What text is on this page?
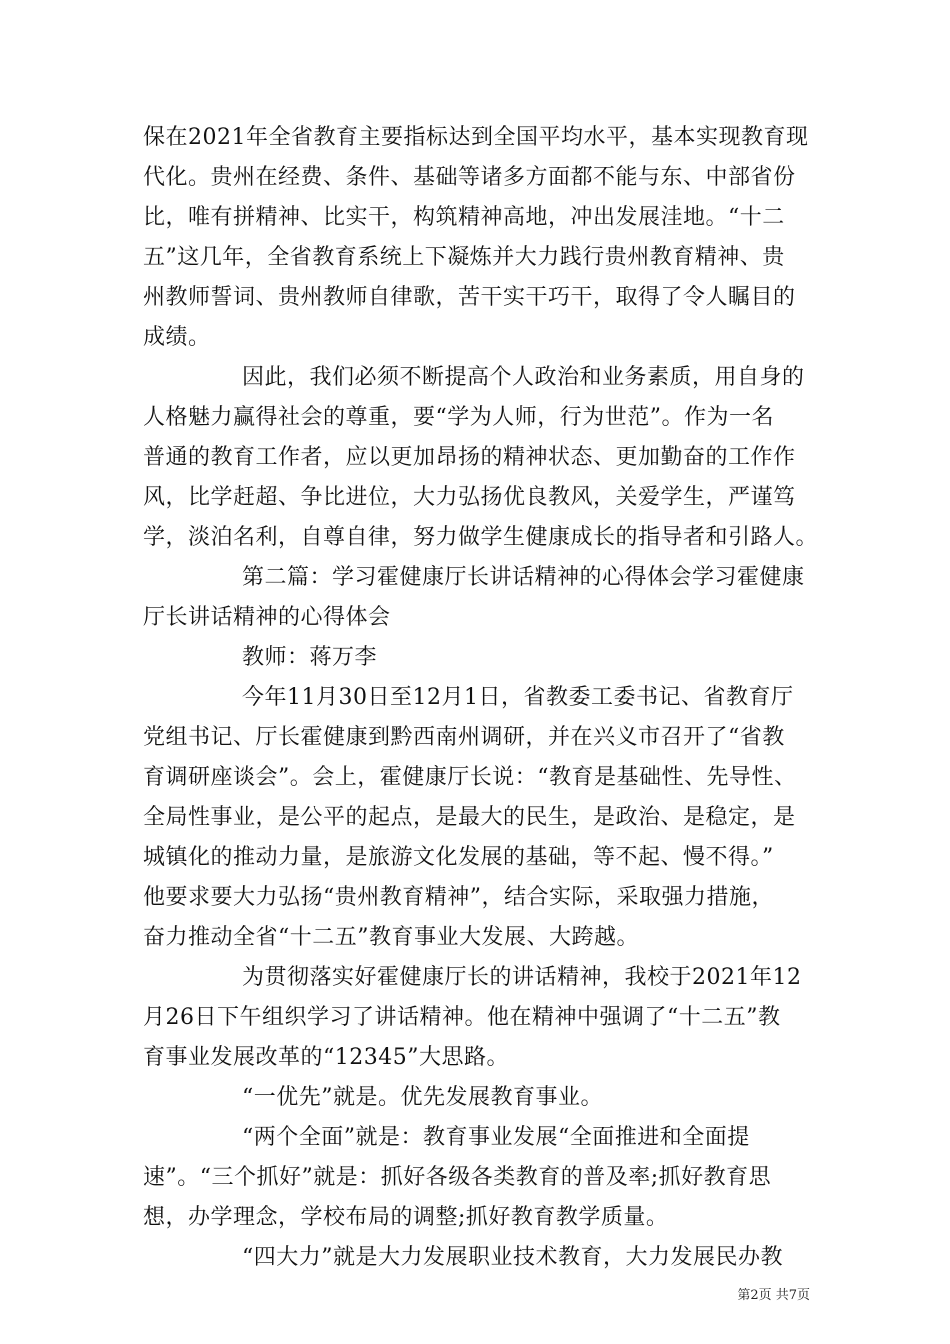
保在2021年全省教育主要指标达到全国平均水平，基本实现教育现
代化。贵州在经费、条件、基础等诸多方面都不能与东、中部省份
比，唯有拼精神、比实干，构筑精神高地，冲出发展洼地。“十二
五”这几年，全省教育系统上下凝炼并大力践行贵州教育精神、贵
州教师誓词、贵州教师自律歌，苦干实干巧干，取得了令人瞩目的
成绩。
因此，我们必须不断提高个人政治和业务素质，用自身的
人格魅力赢得社会的尊重，要“学为人师，行为世范”。作为一名
普通的教育工作者，应以更加昂扬的精神状态、更加勤奋的工作作
风，比学赶超、争比进位，大力弘扬优良教风，关爱学生，严谨笃
学，淡泊名利，自尊自律，努力做学生健康成长的指导者和引路人。
第二篇：学习霍健康厅长讲话精神的心得体会学习霍健康
厅长讲话精神的心得体会
教师：蒋万李
今年11月30日至12月1日，省教委工委书记、省教育厅
党组书记、厅长霍健康到黔西南州调研，并在兴义市召开了“省教
育调研座谈会”。会上，霍健康厅长说：“教育是基础性、先导性、
全局性事业，是公平的起点，是最大的民生，是政治、是稳定，是
城镇化的推动力量，是旅游文化发展的基础，等不起、慢不得。”
他要求要大力弘扬“贵州教育精神”，结合实际，采取强力措施，
奋力推动全省“十二五”教育事业大发展、大跨越。
为贯彻落实好霍健康厅长的讲话精神，我校于2021年12
月26日下午组织学习了讲话精神。他在精神中强调了“十二五”教
育事业发展改革的“12345”大思路。
“一优先”就是。优先发展教育事业。
“两个全面”就是：教育事业发展“全面推进和全面提
速”。“三个抓好”就是：抓好各级各类教育的普及率;抓好教育思
想，办学理念，学校布局的调整;抓好教育教学质量。
“四大力”就是大力发展职业技术教育，大力发展民办教
第2页 共7页
